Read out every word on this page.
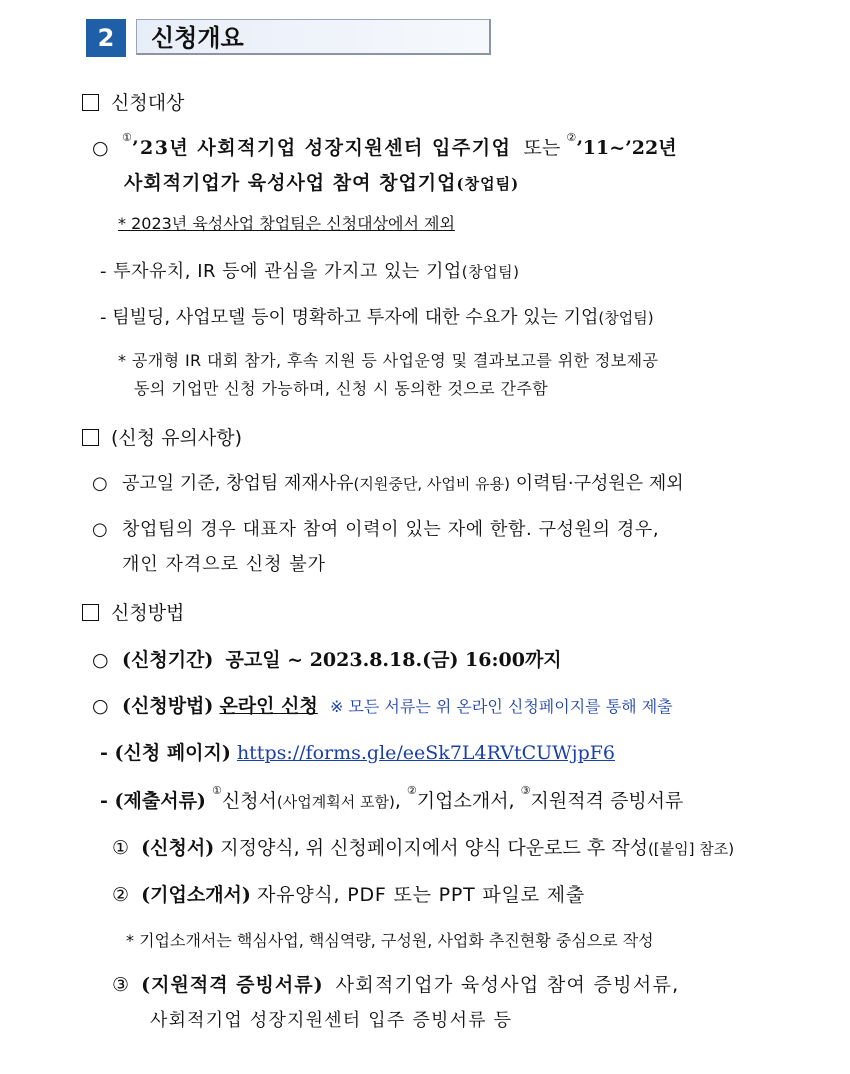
2	신청개요
신청대상
○ ①’23년 사회적기업 성장지원센터 입주기업 또는 ②’11~’22년
사회적기업가 육성사업 참여 창업기업(창업팀)
* 2023년 육성사업 창업팀은 신청대상에서 제외
- 투자유치, IR 등에 관심을 가지고 있는 기업(창업팀)
- 팀빌딩, 사업모델 등이 명확하고 투자에 대한 수요가 있는 기업(창업팀)
* 공개형 IR 대회 참가, 후속 지원 등 사업운영 및 결과보고를 위한 정보제공
동의 기업만 신청 가능하며, 신청 시 동의한 것으로 간주함
(신청 유의사항)
○ 공고일 기준, 창업팀 제재사유(지원중단, 사업비 유용) 이력팀·구성원은 제외
○ 창업팀의 경우 대표자 참여 이력이 있는 자에 한함. 구성원의 경우,
개인 자격으로 신청 불가
신청방법
○ (신청기간) 공고일 ~ 2023.8.18.(금) 16:00까지
○ (신청방법) 온라인 신청 ※ 모든 서류는 위 온라인 신청페이지를 통해 제출
- (신청 페이지) https://forms.gle/eeSk7L4RVtCUWjpF6
- (제출서류) ①신청서(사업계획서 포함), ②기업소개서, ③지원적격 증빙서류
① (신청서) 지정양식, 위 신청페이지에서 양식 다운로드 후 작성([붙임] 참조)
② (기업소개서) 자유양식, PDF 또는 PPT 파일로 제출
* 기업소개서는 핵심사업, 핵심역량, 구성원, 사업화 추진현황 중심으로 작성
③ (지원적격 증빙서류) 사회적기업가 육성사업 참여 증빙서류,
사회적기업 성장지원센터 입주 증빙서류 등
